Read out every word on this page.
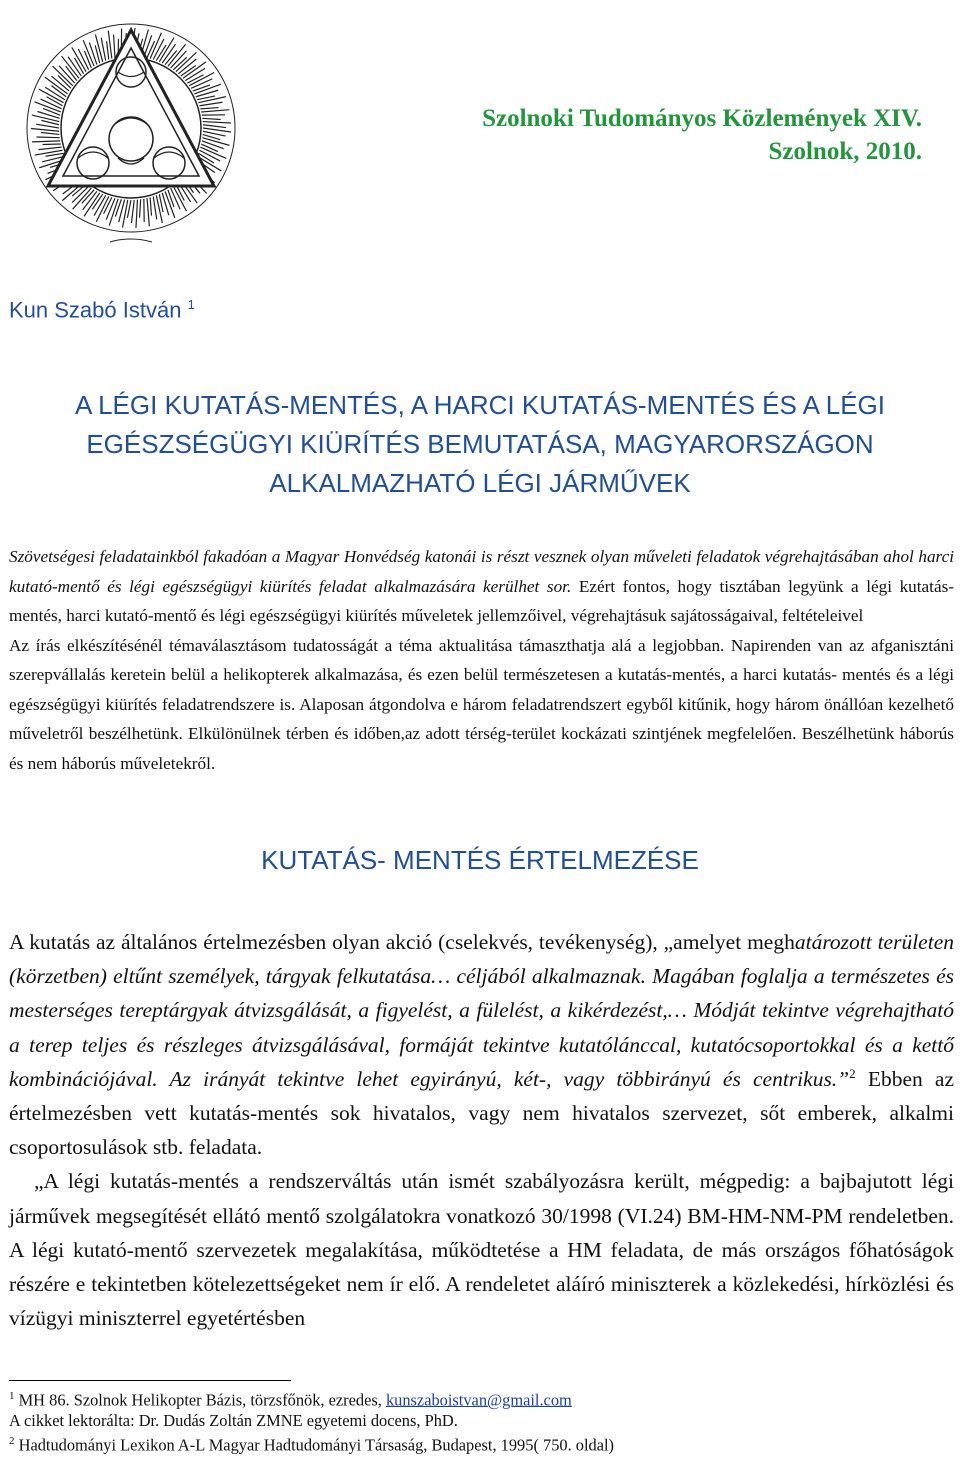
Szolnoki Tudományos Közlemények XIV.
Szolnok, 2010.
Kun Szabó István $^1$
A LÉGI KUTATÁS-MENTÉS, A HARCI KUTATÁS-MENTÉS ÉS A LÉGI
EGÉSZSÉGÜGYI KIÜRÍTÉS BEMUTATÁSA, MAGYARORSZÁGON
ALKALMAZHATÓ LÉGI JÁRMŰVEK

Szövetségesi feladatainkból fakadóan a Magyar Honvédség katonái is részt vesznek olyan műveleti feladatok végrehajtásában ahol harci kutató-mentő és légi egészségügyi kiürítés feladat alkalmazására kerülhet sor. Ezért fontos, hogy tisztában legyünk a légi kutatás-mentés, harci kutató-mentő és légi egészségügyi kiürítés műveletek jellemzőivel, végrehajtásuk sajátosságaival, feltételeivel

Az írás elkészítésénél témaválasztásom tudatosságát a téma aktualitása támaszthatja alá a legjobban. Napirenden van az afganisztáni szerepvállalás keretein belül a helikopterek alkalmazása, és ezen belül természetesen a kutatás-mentés, a harci kutatás- mentés és a légi egészségügyi kiürítés feladatrendszere is. Alaposan átgondolva e három feladatrendszert egyből kitűnik, hogy három önállóan kezelhető műveletről beszélhetünk. Elkülönülnek térben és időben,az adott térség-terület kockázati szintjének megfelelően. Beszélhetünk háborús és nem háborús műveletekről.

KUTATÁS- MENTÉS ÉRTELMEZÉSE

A kutatás az általános értelmezésben olyan akció (cselekvés, tevékenység), „amelyet meghatározott területen (körzetben) eltűnt személyek, tárgyak felkutatása… céljából alkalmaznak. Magában foglalja a természetes és mesterséges tereptárgyak átvizsgálását, a figyelést, a fülelést, a kikérdezést,… Módját tekintve végrehajtható a terep teljes és részleges átvizsgálásával, formáját tekintve kutatólánccal, kutatócsoportokkal és a kettő kombinációjával. Az irányát tekintve lehet egyirányú, két-, vagy többirányú és centrikus.”$^2$ Ebben az értelmezésben vett kutatás-mentés sok hivatalos, vagy nem hivatalos szervezet, sőt emberek, alkalmi csoportosulások stb. feladata.

„A légi kutatás-mentés a rendszerváltás után ismét szabályozásra került, mégpedig: a bajbajutott légi járművek megsegítését ellátó mentő szolgálatokra vonatkozó 30/1998 (VI.24) BM-HM-NM-PM rendeletben. A légi kutató-mentő szervezetek megalakítása, működtetése a HM feladata, de más országos főhatóságok részére e tekintetben kötelezettségeket nem ír elő. A rendeletet aláíró miniszterek a közlekedési, hírközlési és vízügyi miniszterrel egyetértésben

$^1$ MH 86. Szolnok Helikopter Bázis, törzsfőnök, ezredes, kunszaboistvan@gmail.com

A cikket lektorálta: Dr. Dudás Zoltán ZMNE egyetemi docens, PhD.

$^2$ Hadtudományi Lexikon A-L Magyar Hadtudományi Társaság, Budapest, 1995( 750. oldal)
